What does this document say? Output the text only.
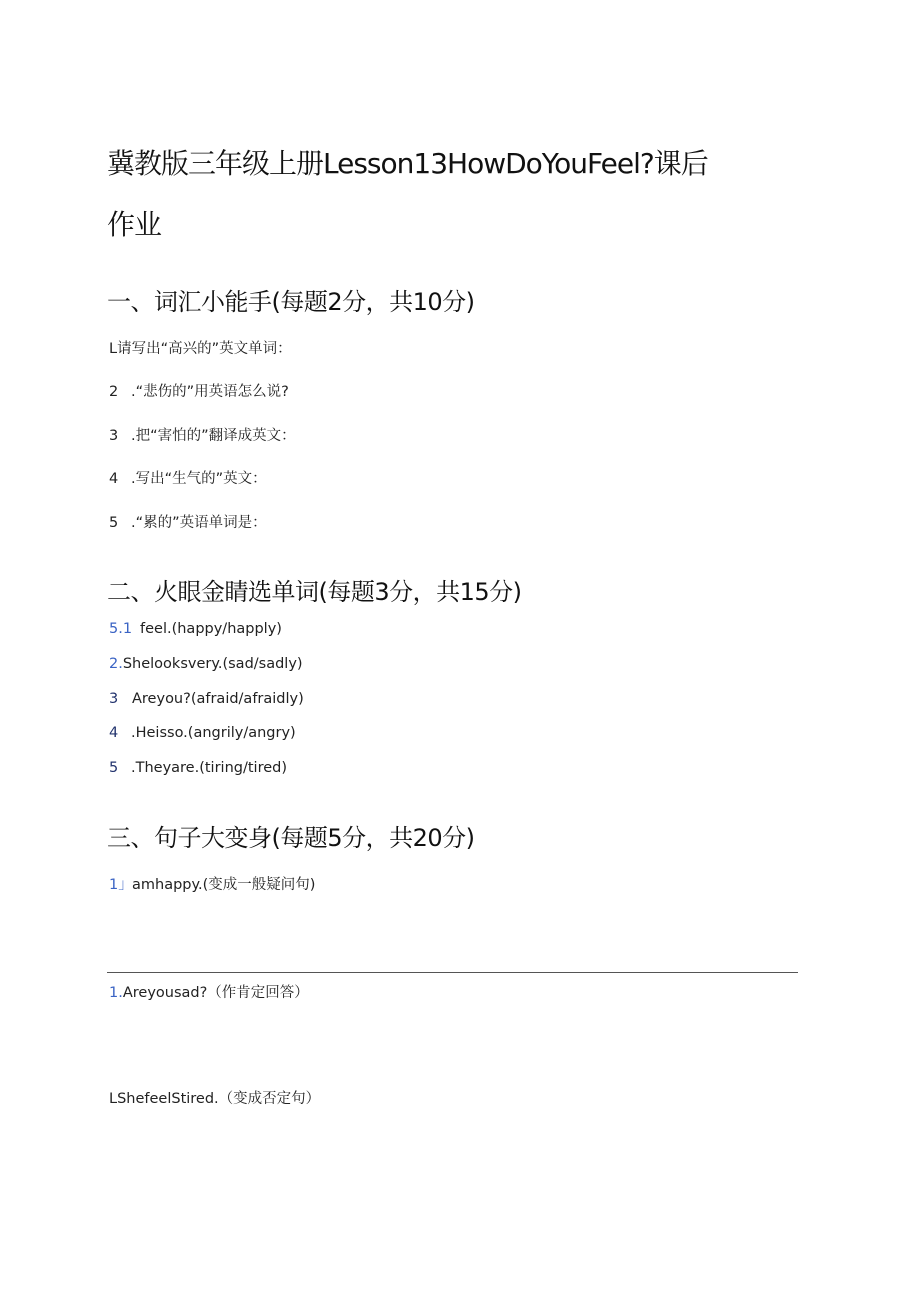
冀教版三年级上册Lesson13HowDoYouFeel?课后
作业
一、词汇小能手(每题2分，共10分)
L请写出“高兴的”英文单词：
2 .“悲伤的”用英语怎么说?
3 .把“害怕的”翻译成英文：
4 .写出“生气的”英文：
5 .“累的”英语单词是：
二、火眼金睛选单词(每题3分，共15分)
5.1 feel.(happy/happly)
2.Shelooksvery.(sad/sadly)
3 Areyou?(afraid/afraidly)
4 .Heisso.(angrily/angry)
5 .Theyare.(tiring/tired)
三、句子大变身(每题5分，共20分)
1」amhappy.(变成一般疑问句)
1.Areyousad?（作肯定回答）
LShefeelStired.（变成否定句）
